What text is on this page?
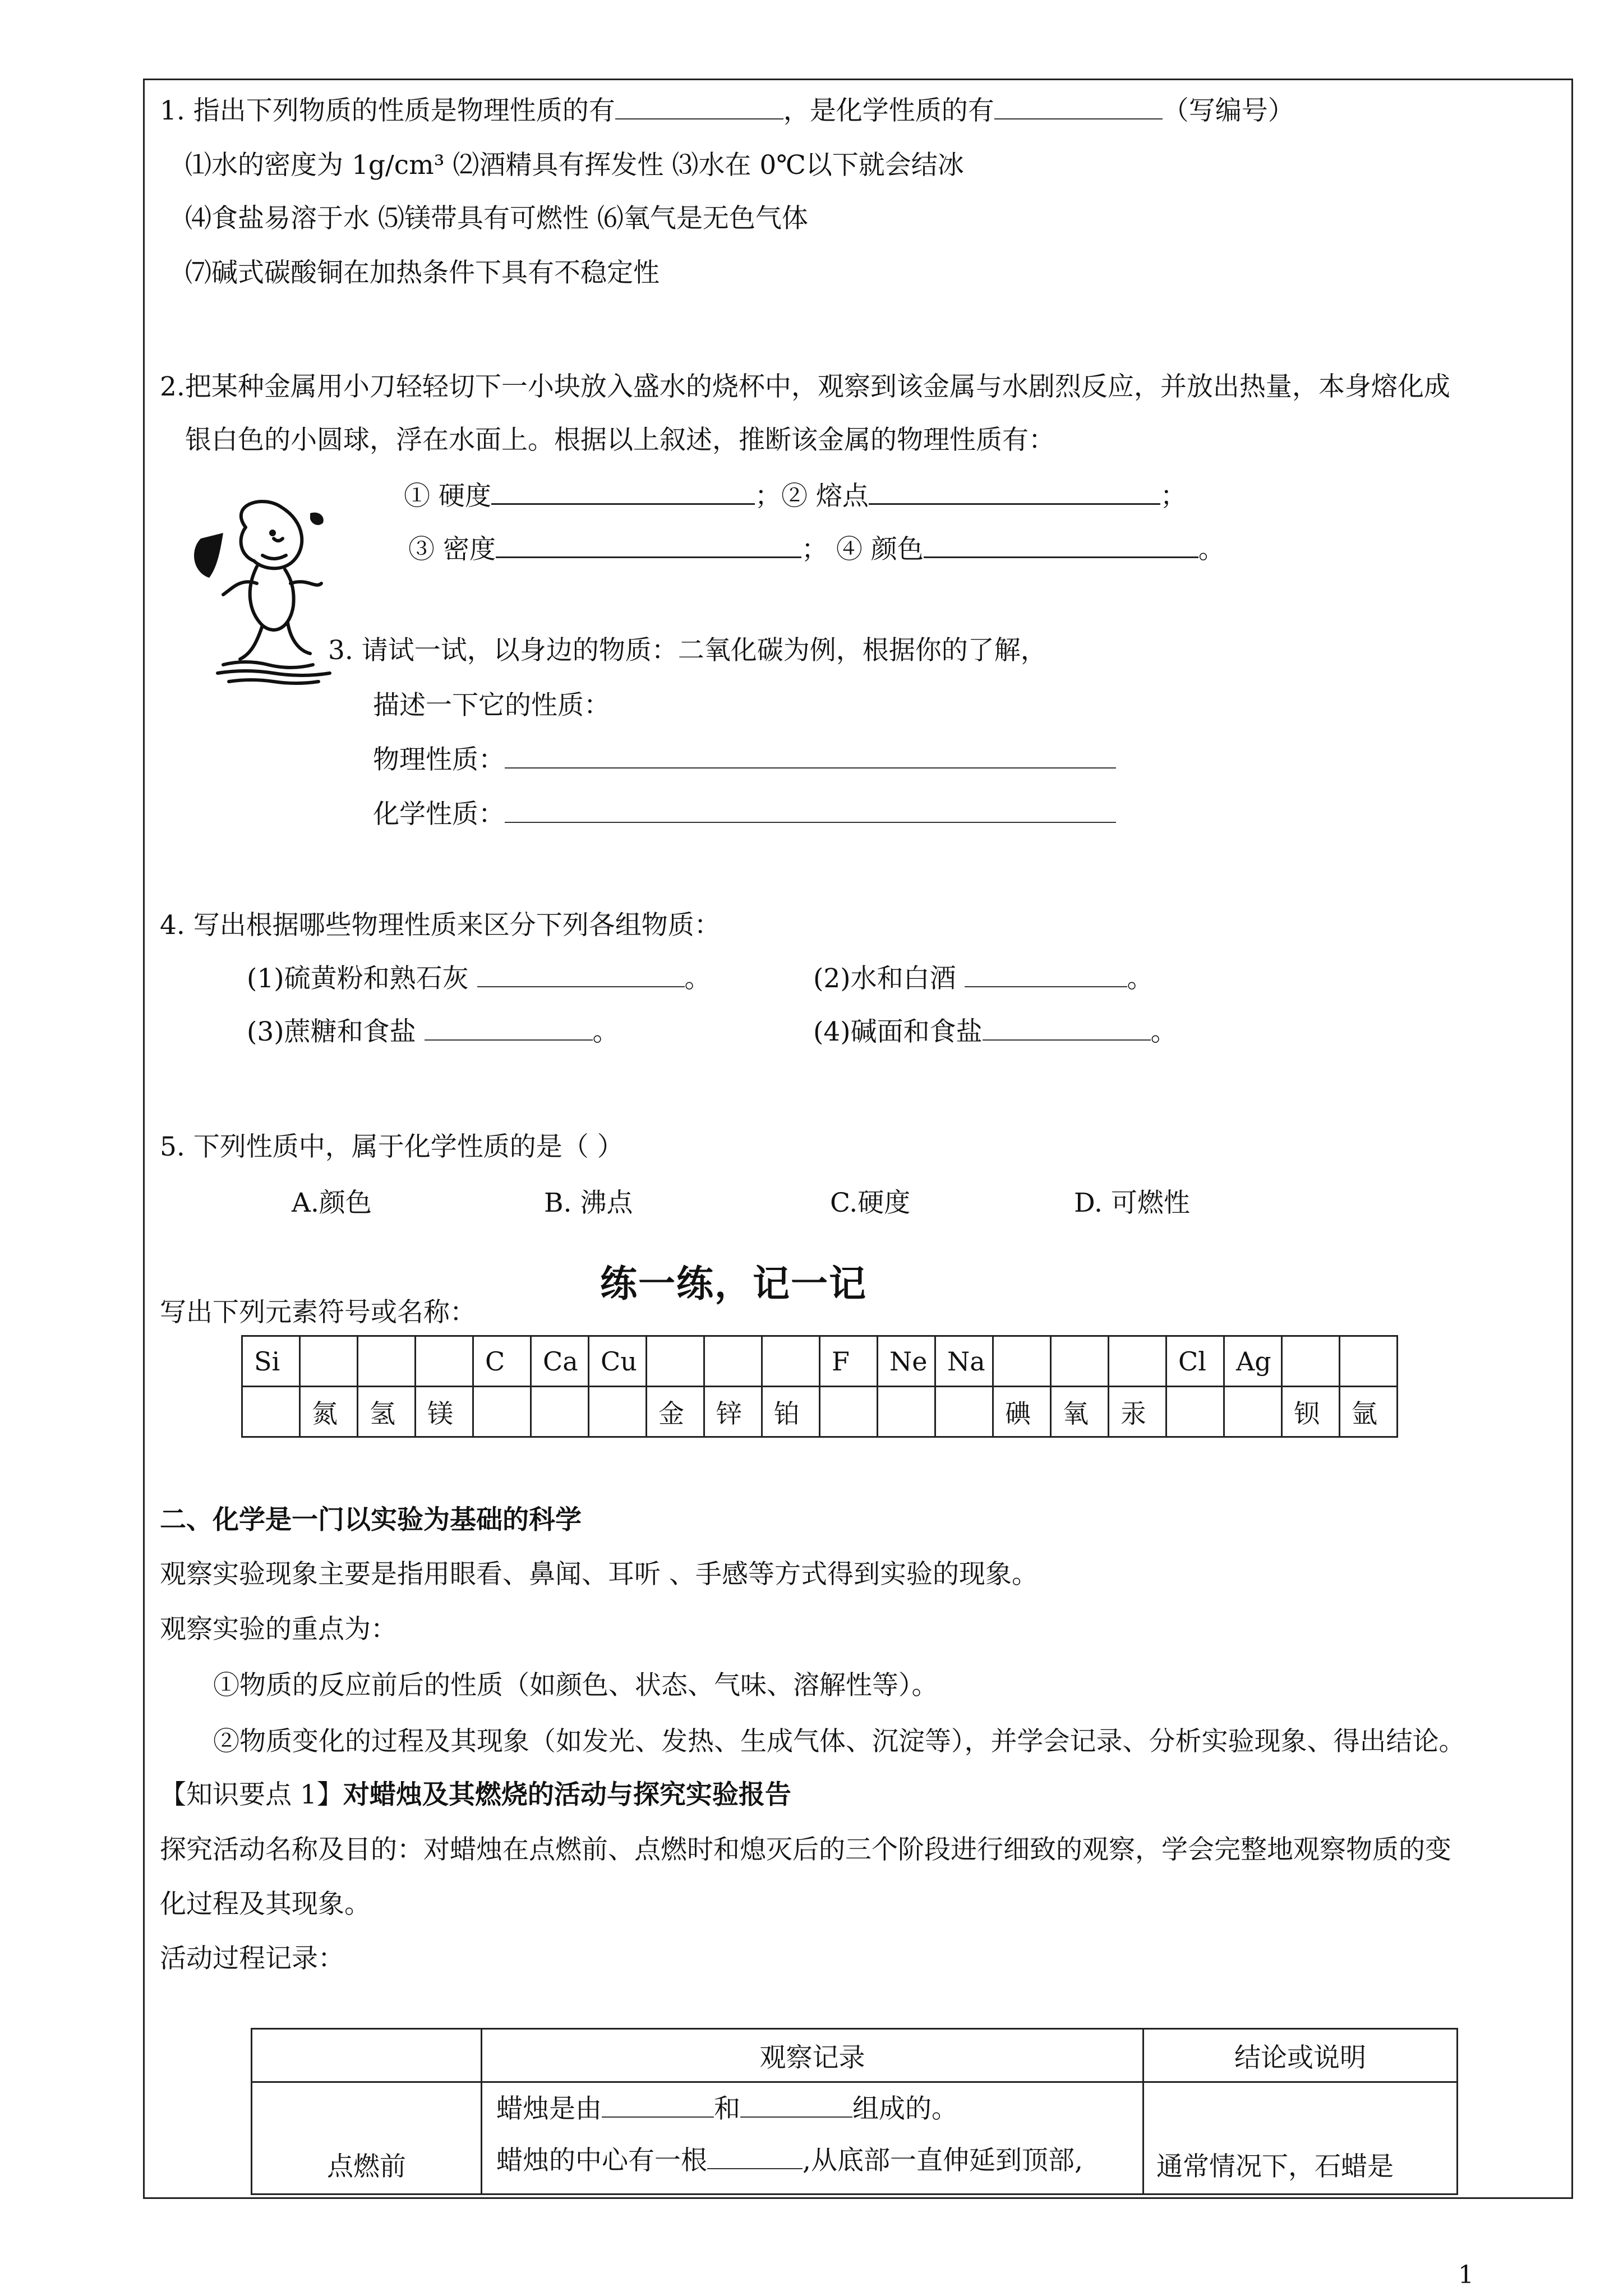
1. 指出下列物质的性质是物理性质的有	，是化学性质的有	（写编号）
⑴水的密度为 1g/cm³ ⑵酒精具有挥发性 ⑶水在 0℃以下就会结冰
⑷食盐易溶于水 ⑸镁带具有可燃性 ⑹氧气是无色气体
⑺碱式碳酸铜在加热条件下具有不稳定性
2.把某种金属用小刀轻轻切下一小块放入盛水的烧杯中，观察到该金属与水剧烈反应，并放出热量，本身熔化成
银白色的小圆球，浮在水面上。根据以上叙述，推断该金属的物理性质有：
① 硬度	；② 熔点	；
③ 密度	； ④ 颜色	。
3. 请试一试，以身边的物质：二氧化碳为例，根据你的了解，
描述一下它的性质：
物理性质：
化学性质：
4. 写出根据哪些物理性质来区分下列各组物质：
(1)硫黄粉和熟石灰	。	(2)水和白酒	。
(3)蔗糖和食盐	。	(4)碱面和食盐	。
5. 下列性质中，属于化学性质的是（ ）
A.颜色	B. 沸点	C.硬度	D. 可燃性
练一练，记一记
写出下列元素符号或名称：
Si				C	Ca	Cu				F	Ne	Na				Cl	Ag		
	氮	氢	镁				金	锌	铂				碘	氧	汞			钡	氩
二、化学是一门以实验为基础的科学
观察实验现象主要是指用眼看、鼻闻、耳听 、手感等方式得到实验的现象。
观察实验的重点为：
①物质的反应前后的性质（如颜色、状态、气味、溶解性等）。
②物质变化的过程及其现象（如发光、发热、生成气体、沉淀等），并学会记录、分析实验现象、得出结论。
【知识要点 1】对蜡烛及其燃烧的活动与探究实验报告
探究活动名称及目的：对蜡烛在点燃前、点燃时和熄灭后的三个阶段进行细致的观察，学会完整地观察物质的变
化过程及其现象。
活动过程记录：
	观察记录	结论或说明
点燃前	蜡烛是由 和 组成的。
蜡烛的中心有一根 ,从底部一直伸延到顶部,	通常情况下，石蜡是
1
